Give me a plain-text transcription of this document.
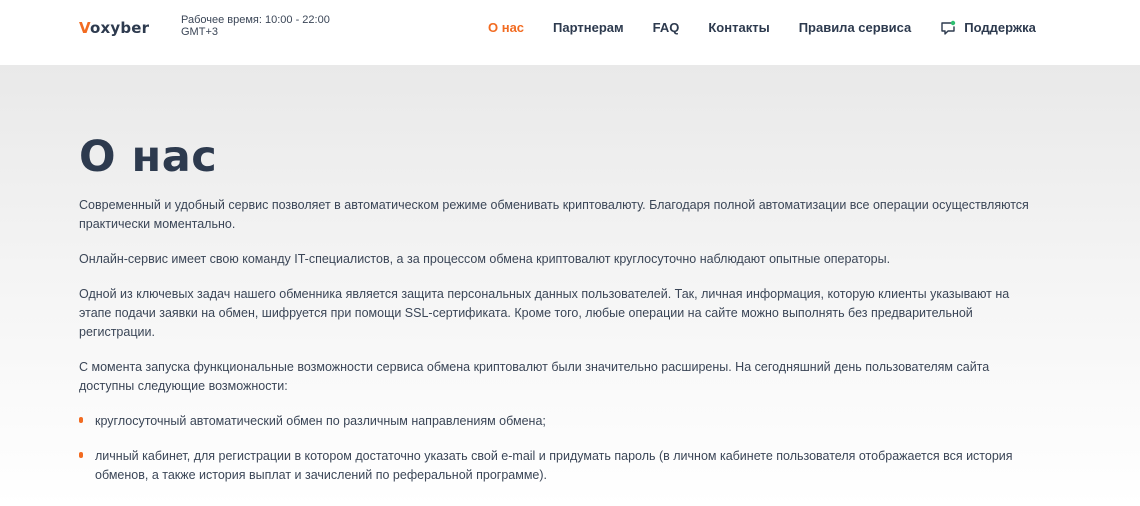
Voxyber	Рабочее время: 10:00 - 22:00
GMT+3	О нас Партнерам FAQ Контакты Правила сервиса	Поддержка
О нас

Современный и удобный сервис позволяет в автоматическом режиме обменивать криптовалюту. Благодаря полной автоматизации все операции осуществляются практически моментально.

Онлайн-сервис имеет свою команду IT-специалистов, а за процессом обмена криптовалют круглосуточно наблюдают опытные операторы.

Одной из ключевых задач нашего обменника является защита персональных данных пользователей. Так, личная информация, которую клиенты указывают на этапе подачи заявки на обмен, шифруется при помощи SSL-сертификата. Кроме того, любые операции на сайте можно выполнять без предварительной регистрации.

С момента запуска функциональные возможности сервиса обмена криптовалют были значительно расширены. На сегодняшний день пользователям сайта доступны следующие возможности:

круглосуточный автоматический обмен по различным направлениям обмена;
личный кабинет, для регистрации в котором достаточно указать свой e-mail и придумать пароль (в личном кабинете пользователя отображается вся история обменов, а также история выплат и зачислений по реферальной программе).
